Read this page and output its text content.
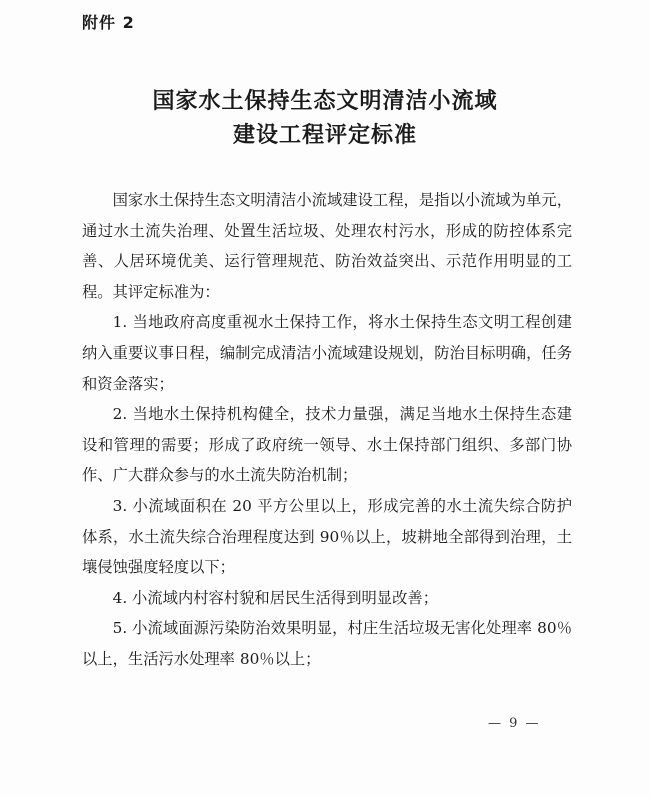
附件 2
国家水土保持生态文明清洁小流域
建设工程评定标准

国家水土保持生态文明清洁小流域建设工程，是指以小流域为单元，通过水土流失治理、处置生活垃圾、处理农村污水，形成的防控体系完善、人居环境优美、运行管理规范、防治效益突出、示范作用明显的工程。其评定标准为：

1. 当地政府高度重视水土保持工作，将水土保持生态文明工程创建纳入重要议事日程，编制完成清洁小流域建设规划，防治目标明确，任务和资金落实；

2. 当地水土保持机构健全，技术力量强，满足当地水土保持生态建设和管理的需要；形成了政府统一领导、水土保持部门组织、多部门协作、广大群众参与的水土流失防治机制；

3. 小流域面积在 20 平方公里以上，形成完善的水土流失综合防护体系，水土流失综合治理程度达到 90％以上，坡耕地全部得到治理，土壤侵蚀强度轻度以下；

4. 小流域内村容村貌和居民生活得到明显改善；

5. 小流域面源污染防治效果明显，村庄生活垃圾无害化处理率 80％以上，生活污水处理率 80％以上；

— 9 —
